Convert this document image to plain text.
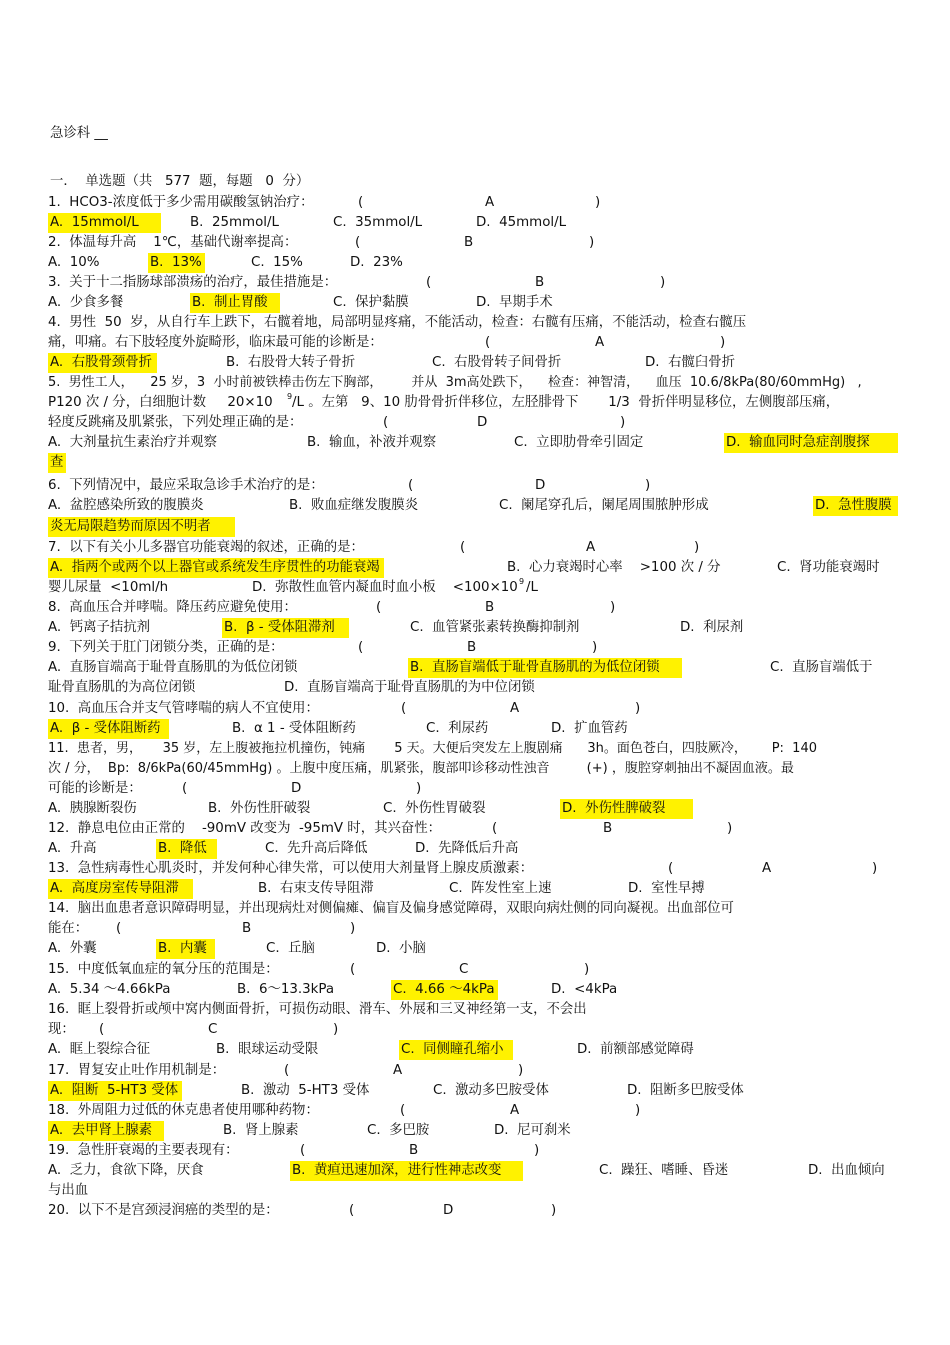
急诊科 __
一．  单选题（共   577  题，每题   0  分）
1.  HCO3-浓度低于多少需用碳酸氢钠治疗：	(	A	)
A.  15mmol/L	B.  25mmol/L	C.  35mmol/L	D.  45mmol/L
2.  体温每升高    1℃，基础代谢率提高：	(	B	)
A.  10%	B.  13%	C.  15%	D.  23%
3.  关于十二指肠球部溃疡的治疗，最佳措施是：	(	B	)
A.  少食多餐	B.  制止胃酸	C.  保护黏膜	D.  早期手术
4.  男性  50  岁，从自行车上跌下，右髋着地，局部明显疼痛，不能活动，检查：右髋有压痛，不能活动，检查右髋压
痛，叩痛。右下肢轻度外旋畸形，临床最可能的诊断是：	(	A	)
A.  右股骨颈骨折	B.  右股骨大转子骨折	C.  右股骨转子间骨折	D.  右髋臼骨折
5.  男性工人，    25 岁，3  小时前被铁棒击伤左下胸部，       并从  3m高处跌下，    检查：神智清，    血压  10.6/8kPa(80/60mmHg)   ,
P120 次 / 分，白细胞计数     20×10 9 /L 。左第   9、10 肋骨骨折伴移位，左胫腓骨下       1/3  骨折伴明显移位，左侧腹部压痛，
轻度反跳痛及肌紧张，下列处理正确的是：	(	D	)
A.  大剂量抗生素治疗并观察	B.  输血，补液并观察	C.  立即肋骨牵引固定	D.  输血同时急症剖腹探
查
6.  下列情况中，最应采取急诊手术治疗的是：	(	D	)
A.  盆腔感染所致的腹膜炎	B.  败血症继发腹膜炎	C.  阑尾穿孔后，阑尾周围脓肿形成	D.  急性腹膜
炎无局限趋势而原因不明者
7.  以下有关小儿多器官功能衰竭的叙述，正确的是：	(	A	)
A.  指两个或两个以上器官或系统发生序贯性的功能衰竭	B.  心力衰竭时心率    >100 次 / 分	C.  肾功能衰竭时
婴儿尿量  <10ml/h	D.  弥散性血管内凝血时血小板    <100×10 9 /L
8.  高血压合并哮喘。降压药应避免使用：	(	B	)
A.  钙离子拮抗剂	B.  β - 受体阻滞剂	C.  血管紧张素转换酶抑制剂	D.  利尿剂
9.  下列关于肛门闭锁分类，正确的是：	(	B	)
A.  直肠盲端高于耻骨直肠肌的为低位闭锁	B.  直肠盲端低于耻骨直肠肌的为低位闭锁	C.  直肠盲端低于
耻骨直肠肌的为高位闭锁	D.  直肠盲端高于耻骨直肠肌的为中位闭锁
10.  高血压合并支气管哮喘的病人不宜使用：	(	A	)
A.  β - 受体阻断药	B.  α 1 - 受体阻断药	C.  利尿药	D.  扩血管药
11.  患者，男，     35 岁，左上腹被拖拉机撞伤，钝痛       5 天。大便后突发左上腹剧痛      3h。面色苍白，四肢厥冷，      P:  140
次 / 分，  Bp:  8/6kPa(60/45mmHg) 。上腹中度压痛，肌紧张，腹部叩诊移动性浊音         (+) ，腹腔穿刺抽出不凝固血液。最
可能的诊断是：	(	D	)
A.  胰腺断裂伤	B.  外伤性肝破裂	C.  外伤性胃破裂	D.  外伤性脾破裂
12.  静息电位由正常的    -90mV 改变为  -95mV 时，其兴奋性：	(	B	)
A.  升高	B.  降低	C.  先升高后降低	D.  先降低后升高
13.  急性病毒性心肌炎时，并发何种心律失常，可以使用大剂量肾上腺皮质激素：	(	A	)
A.  高度房室传导阻滞	B.  右束支传导阻滞	C.  阵发性室上速	D.  室性早搏
14.  脑出血患者意识障碍明显，并出现病灶对侧偏瘫、偏盲及偏身感觉障碍，双眼向病灶侧的同向凝视。出血部位可
能在： (	B	)
A.  外囊	B.  内囊	C.  丘脑	D.  小脑
15.  中度低氧血症的氧分压的范围是：	(	C	)
A.  5.34 ～4.66kPa	B.  6～13.3kPa	C.  4.66 ～4kPa	D.  <4kPa
16.  眶上裂骨折或颅中窝内侧面骨折，可损伤动眼、滑车、外展和三叉神经第一支，不会出
现： (	C	)
A.  眶上裂综合征	B.  眼球运动受限	C.  同侧瞳孔缩小	D.  前额部感觉障碍
17.  胃复安止吐作用机制是：	(	A	)
A.  阻断  5-HT3 受体	B.  激动  5-HT3 受体	C.  激动多巴胺受体	D.  阻断多巴胺受体
18.  外周阻力过低的休克患者使用哪种药物：	(	A	)
A.  去甲肾上腺素	B.  肾上腺素	C.  多巴胺	D.  尼可刹米
19.  急性肝衰竭的主要表现有：	(	B	)
A.  乏力，食欲下降，厌食	B.  黄疸迅速加深，进行性神志改变	C.  躁狂、嗜睡、昏迷	D.  出血倾向
与出血
20.  以下不是宫颈浸润癌的类型的是：	(	D	)
